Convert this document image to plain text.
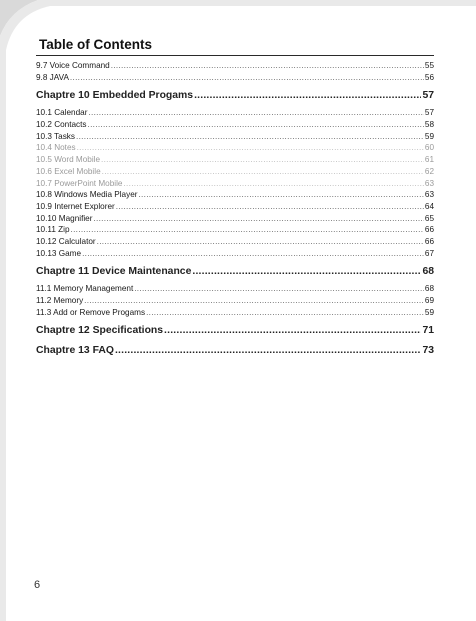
Table of Contents
9.7 Voice Command .....	55
9.8 JAVA .....	56
Chaptre 10 Embedded Progams .....	57
10.1 Calendar .....	57
10.2 Contacts .....	58
10.3 Tasks .....	59
10.4 Notes .....	60
10.5 Word Mobile .....	61
10.6 Excel Mobile .....	62
10.7 PowerPoint Mobile .....	63
10.8 Windows Media Player .....	63
10.9 Internet Explorer .....	64
10.10 Magnifier .....	65
10.11 Zip .....	66
10.12 Calculator .....	66
10.13 Game .....	67
Chaptre 11 Device Maintenance .....	68
11.1 Memory Management .....	68
11.2 Memory .....	69
11.3 Add or Remove Progams .....	59
Chaptre 12 Specifications .....	71
Chaptre 13 FAQ .....	73
6
